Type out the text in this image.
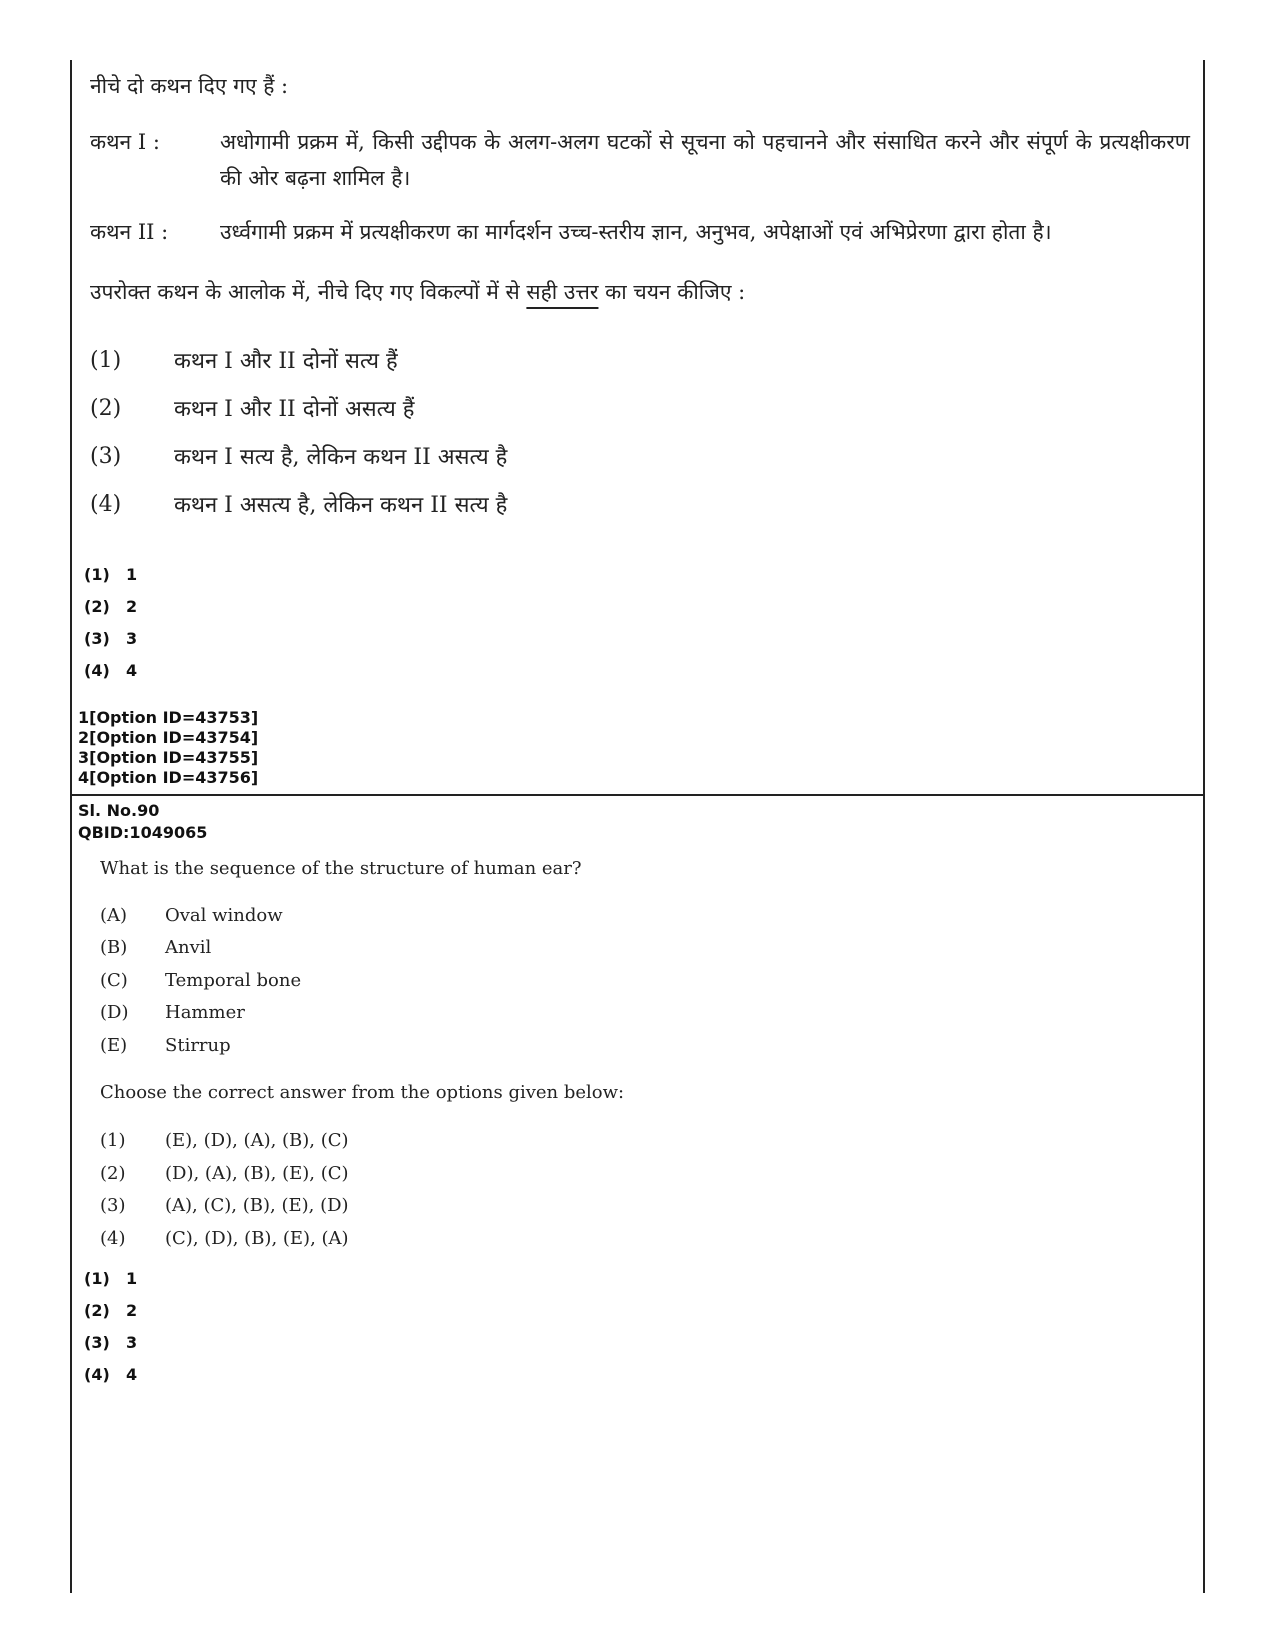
नीचे दो कथन दिए गए हैं :
कथन I :	अधोगामी प्रक्रम में, किसी उद्दीपक के अलग-अलग घटकों से सूचना को पहचानने और संसाधित करने और संपूर्ण के प्रत्यक्षीकरण की ओर बढ़ना शामिल है।
कथन II :	उर्ध्वगामी प्रक्रम में प्रत्यक्षीकरण का मार्गदर्शन उच्च-स्तरीय ज्ञान, अनुभव, अपेक्षाओं एवं अभिप्रेरणा द्वारा होता है।
उपरोक्त कथन के आलोक में, नीचे दिए गए विकल्पों में से सही उत्तर का चयन कीजिए :
(1)	कथन I और II दोनों सत्य हैं
(2)	कथन I और II दोनों असत्य हैं
(3)	कथन I सत्य है, लेकिन कथन II असत्य है
(4)	कथन I असत्य है, लेकिन कथन II सत्य है
(1)	1
(2)	2
(3)	3
(4)	4
1[Option ID=43753]
2[Option ID=43754]
3[Option ID=43755]
4[Option ID=43756]
Sl. No.90
QBID:1049065
What is the sequence of the structure of human ear?
(A)	Oval window
(B)	Anvil
(C)	Temporal bone
(D)	Hammer
(E)	Stirrup
Choose the correct answer from the options given below:
(1)	(E), (D), (A), (B), (C)
(2)	(D), (A), (B), (E), (C)
(3)	(A), (C), (B), (E), (D)
(4)	(C), (D), (B), (E), (A)
(1)	1
(2)	2
(3)	3
(4)	4
